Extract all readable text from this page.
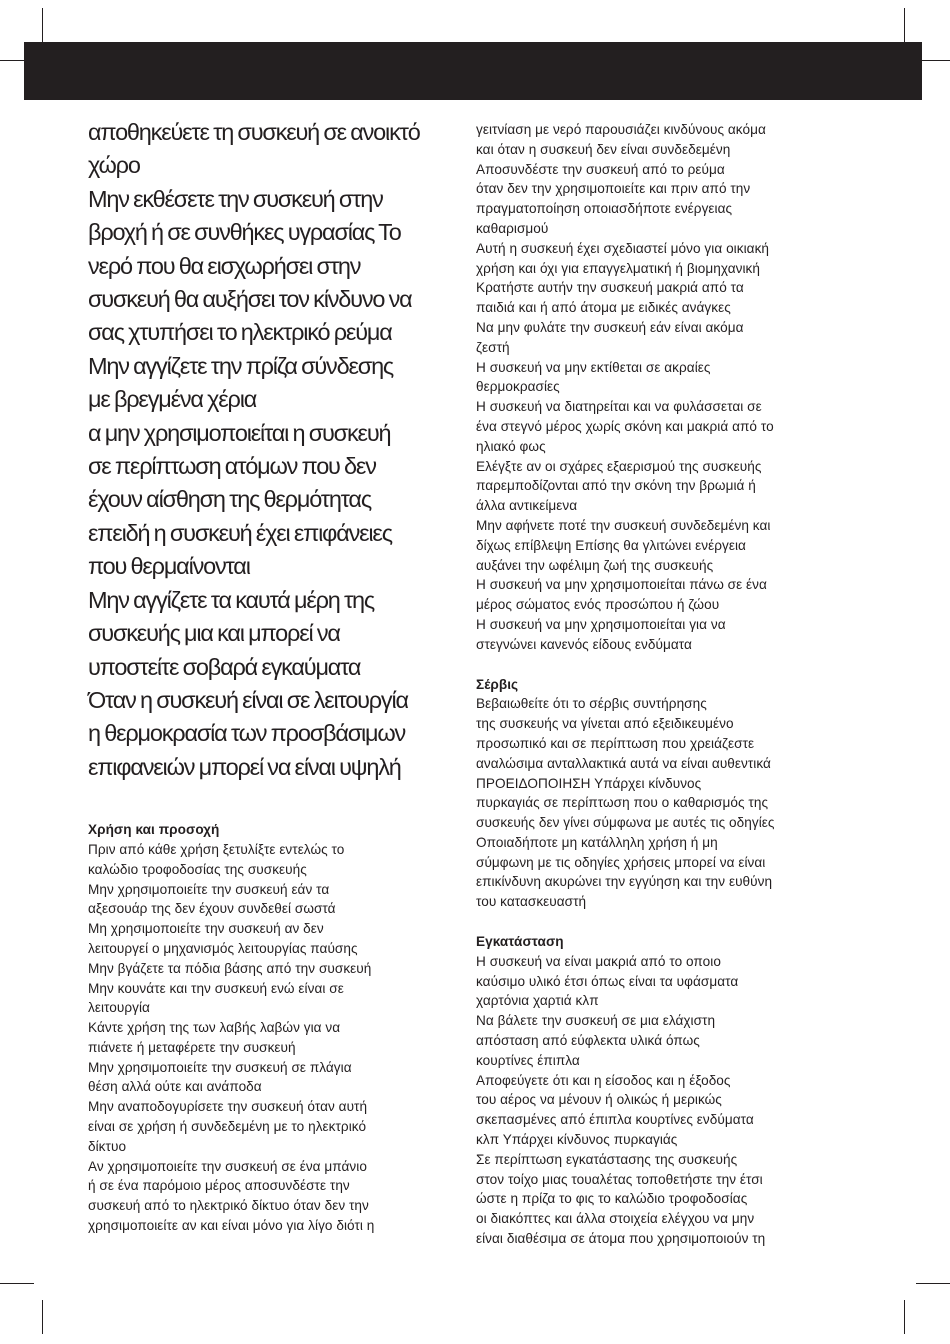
αποθηκεύετε τη συσκευή σε ανοικτό
χώρο
Μην εκθέσετε την συσκευή στην
βροχή ή σε συνθήκες υγρασίας Το
νερό που θα εισχωρήσει στην
συσκευή θα αυξήσει τον κίνδυνο να
σας χτυπήσει το ηλεκτρικό ρεύμα
Μην αγγίζετε την πρίζα σύνδεσης
με βρεγμένα χέρια
α μην χρησιμοποιείται η συσκευή
σε περίπτωση ατόμων που δεν
έχουν αίσθηση της θερμότητας
επειδή η συσκευή έχει επιφάνειες
που θερμαίνονται
Μην αγγίζετε τα καυτά μέρη της
συσκευής μια και μπορεί να
υποστείτε σοβαρά εγκαύματα
Όταν η συσκευή είναι σε λειτουργία
η θερμοκρασία των προσβάσιμων
επιφανειών μπορεί να είναι υψηλή
Χρήση και προσοχή
Πριν από κάθε χρήση ξετυλίξτε εντελώς το
καλώδιο τροφοδοσίας της συσκευής
Μην χρησιμοποιείτε την συσκευή εάν τα
αξεσουάρ της δεν έχουν συνδεθεί σωστά
Μη χρησιμοποιείτε την συσκευή αν δεν
λειτουργεί ο μηχανισμός λειτουργίας παύσης
Μην βγάζετε τα πόδια βάσης από την συσκευή
Μην κουνάτε και την συσκευή ενώ είναι σε
λειτουργία
Κάντε χρήση της των λαβής λαβών για να
πιάνετε ή μεταφέρετε την συσκευή
Μην χρησιμοποιείτε την συσκευή σε πλάγια
θέση αλλά ούτε και ανάποδα
Μην αναποδογυρίσετε την συσκευή όταν αυτή
είναι σε χρήση ή συνδεδεμένη με το ηλεκτρικό
δίκτυο
Αν χρησιμοποιείτε την συσκευή σε ένα μπάνιο
ή σε ένα παρόμοιο μέρος αποσυνδέστε την
συσκευή από το ηλεκτρικό δίκτυο όταν δεν την
χρησιμοποιείτε αν και είναι μόνο για λίγο διότι η
γειτνίαση με νερό παρουσιάζει κινδύνους ακόμα
και όταν η συσκευή δεν είναι συνδεδεμένη
Αποσυνδέστε την συσκευή από το ρεύμα
όταν δεν την χρησιμοποιείτε και πριν από την
πραγματοποίηση οποιασδήποτε ενέργειας
καθαρισμού
Αυτή η συσκευή έχει σχεδιαστεί μόνο για οικιακή
χρήση και όχι για επαγγελματική ή βιομηχανική
Κρατήστε αυτήν την συσκευή μακριά από τα
παιδιά και ή από άτομα με ειδικές ανάγκες
Να μην φυλάτε την συσκευή εάν είναι ακόμα
ζεστή
Η συσκευή να μην εκτίθεται σε ακραίες
θερμοκρασίες
Η συσκευή να διατηρείται και να φυλάσσεται σε
ένα στεγνό μέρος χωρίς σκόνη και μακριά από το
ηλιακό φως
Ελέγξτε αν οι σχάρες εξαερισμού της συσκευής
παρεμποδίζονται από την σκόνη την βρωμιά ή
άλλα αντικείμενα
Μην αφήνετε ποτέ την συσκευή συνδεδεμένη και
δίχως επίβλεψη Επίσης θα γλιτώνει ενέργεια
αυξάνει την ωφέλιμη ζωή της συσκευής
Η συσκευή να μην χρησιμοποιείται πάνω σε ένα
μέρος σώματος ενός προσώπου ή ζώου
Η συσκευή να μην χρησιμοποιείται για να
στεγνώνει κανενός είδους ενδύματα
Σέρβις
Βεβαιωθείτε ότι το σέρβις συντήρησης
της συσκευής να γίνεται από εξειδικευμένο
προσωπικό και σε περίπτωση που χρειάζεστε
αναλώσιμα ανταλλακτικά αυτά να είναι αυθεντικά
ΠΡΟΕΙΔΟΠΟΙΗΣΗ Υπάρχει κίνδυνος
πυρκαγιάς σε περίπτωση που ο καθαρισμός της
συσκευής δεν γίνει σύμφωνα με αυτές τις οδηγίες
Οποιαδήποτε μη κατάλληλη χρήση ή μη
σύμφωνη με τις οδηγίες χρήσεις μπορεί να είναι
επικίνδυνη ακυρώνει την εγγύηση και την ευθύνη
του κατασκευαστή
Εγκατάσταση
Η συσκευή να είναι μακριά από το οποιο
καύσιμο υλικό έτσι όπως είναι τα υφάσματα
χαρτόνια χαρτιά κλπ
Να βάλετε την συσκευή σε μια ελάχιστη
απόσταση από εύφλεκτα υλικά όπως
κουρτίνες έπιπλα
Αποφεύγετε ότι και η είσοδος και η έξοδος
του αέρος να μένουν ή ολικώς ή μερικώς
σκεπασμένες από έπιπλα κουρτίνες ενδύματα
κλπ Υπάρχει κίνδυνος πυρκαγιάς
Σε περίπτωση εγκατάστασης της συσκευής
στον τοίχο μιας τουαλέτας τοποθετήστε την έτσι
ώστε η πρίζα το φις το καλώδιο τροφοδοσίας
οι διακόπτες και άλλα στοιχεία ελέγχου να μην
είναι διαθέσιμα σε άτομα που χρησιμοποιούν τη
